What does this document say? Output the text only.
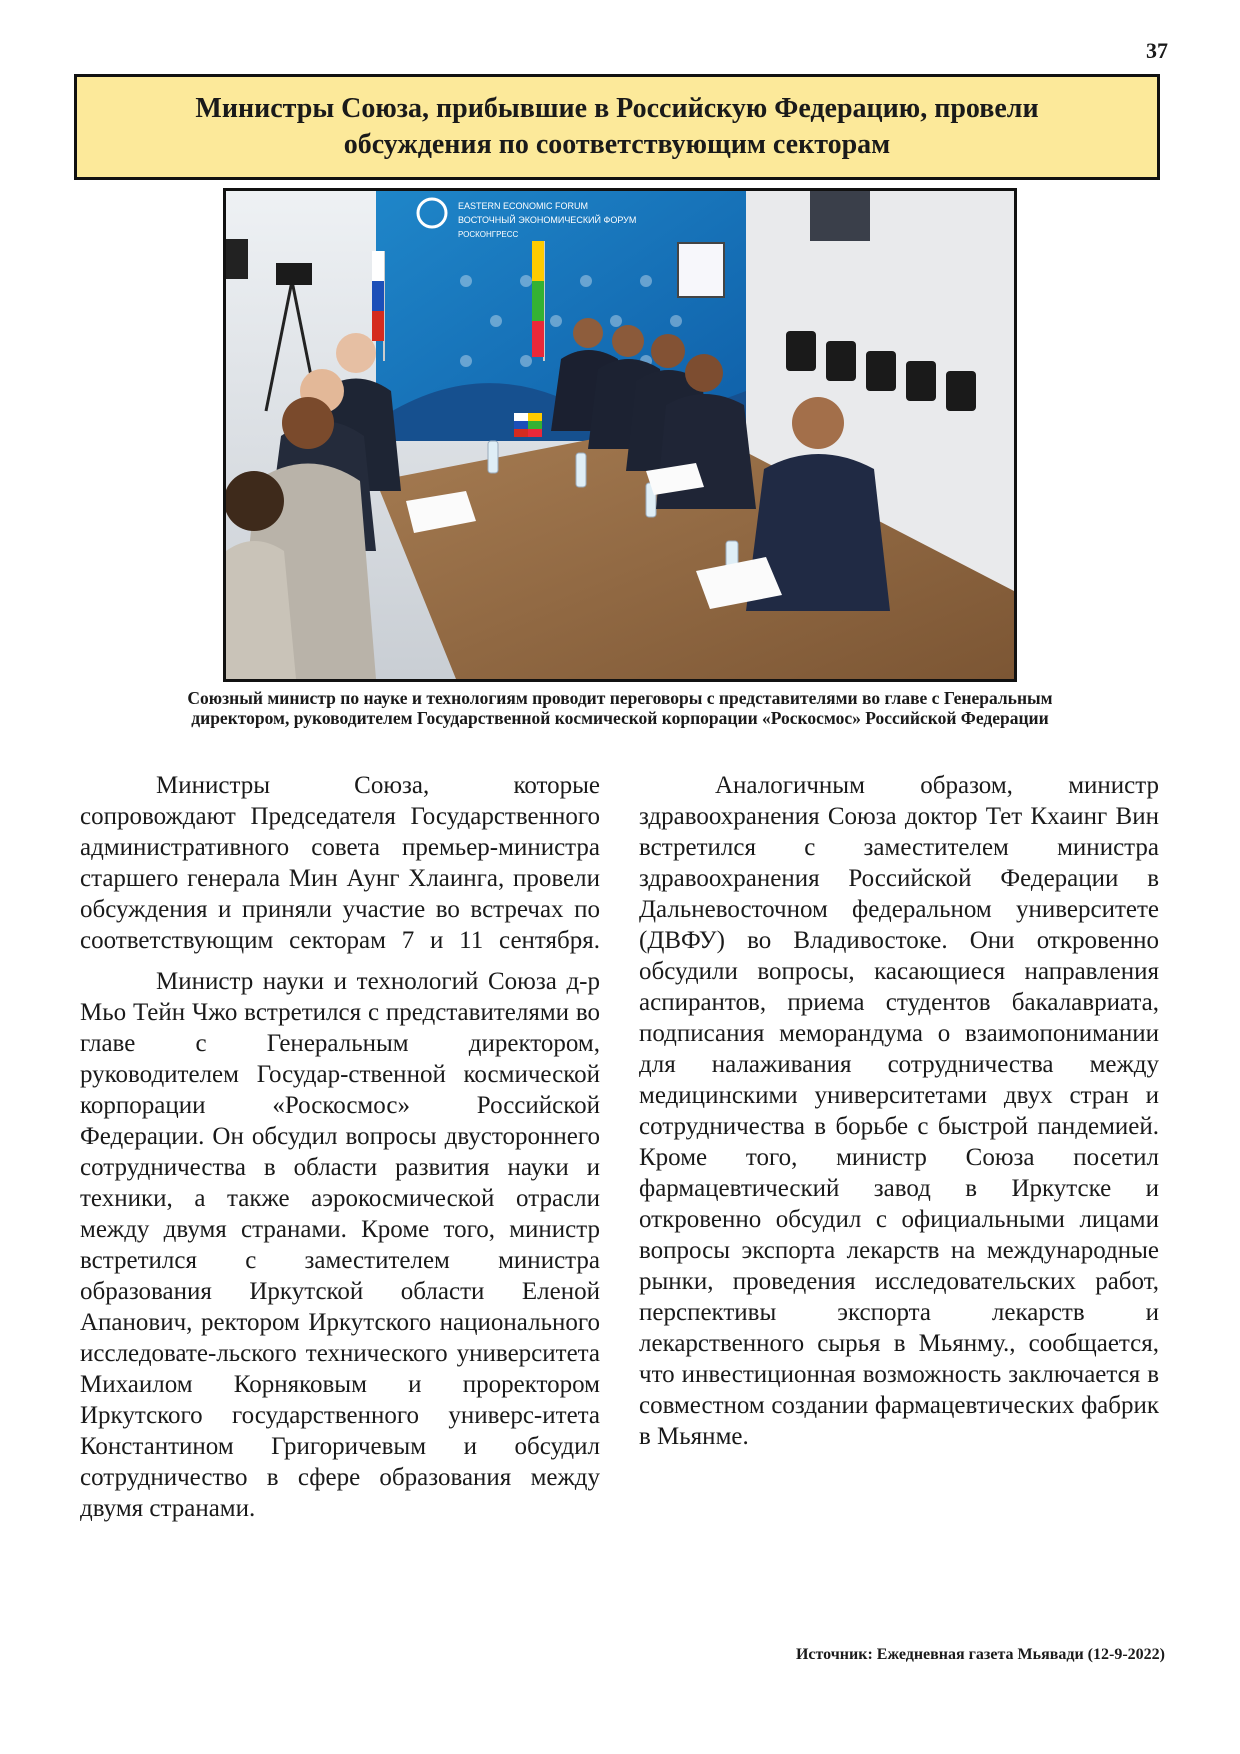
37
Министры Союза, прибывшие в Российскую Федерацию, провели обсуждения по соответствующим секторам
EASTERN ECONOMIC FORUM
ВОСТОЧНЫЙ ЭКОНОМИЧЕСКИЙ ФОРУМ
РОСКОНГРЕСС
Союзный министр по науке и технологиям проводит переговоры с представителями во главе с Генеральным директором, руководителем Государственной космической корпорации «Роскосмос» Российской Федерации

Министры Союза, которые сопровождают Председателя Государственного административного совета премьер-министра старшего генерала Мин Аунг Хлаинга, провели обсуждения и приняли участие во встречах по соответствующим секторам 7 и 11 сентября.

Министр науки и технологий Союза д-р Мьо Тейн Чжо встретился с представителями во главе с Генеральным директором, руководителем Государ-ственной космической корпорации «Роскосмос» Российской Федерации. Он обсудил вопросы двустороннего сотрудничества в области развития науки и техники, а также аэрокосмической отрасли между двумя странами. Кроме того, министр встретился с заместителем министра образования Иркутской области Еленой Апанович, ректором Иркутского национального исследовате-льского технического университета Михаилом Корняковым и проректором Иркутского государственного универс-итета Константином Григоричевым и обсудил сотрудничество в сфере образования между двумя странами.

Аналогичным образом, министр здравоохранения Союза доктор Тет Кхаинг Вин встретился с заместителем министра здравоохранения Российской Федерации в Дальневосточном федеральном университете (ДВФУ) во Владивостоке. Они откровенно обсудили вопросы, касающиеся направления аспирантов, приема студентов бакалавриата, подписания меморандума о взаимопонимании для налаживания сотрудничества между медицинскими университетами двух стран и сотрудничества в борьбе с быстрой пандемией. Кроме того, министр Союза посетил фармацевтический завод в Иркутске и откровенно обсудил с официальными лицами вопросы экспорта лекарств на международные рынки, проведения исследовательских работ, перспективы экспорта лекарств и лекарственного сырья в Мьянму., сообщается, что инвестиционная возможность заключается в совместном создании фармацевтических фабрик в Мьянме.

Источник: Ежедневная газета Мьявади (12-9-2022)
